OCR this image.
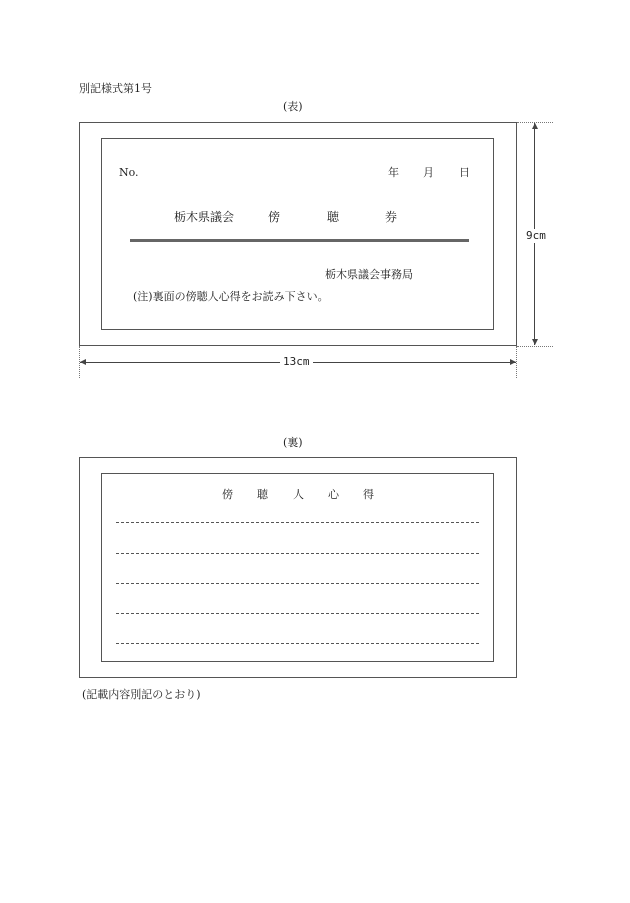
別記様式第1号
(表)
No.	年 月 日
栃木県議会	傍	聴	券
栃木県議会事務局
(注)裏面の傍聴人心得をお読み下さい。
9cm
13cm
(裏)
傍 聴 人 心 得
(記載内容別記のとおり)
